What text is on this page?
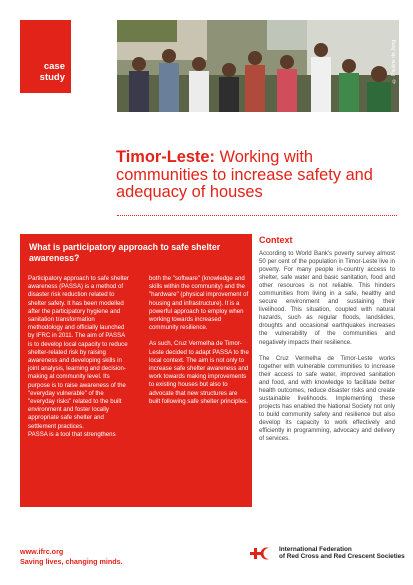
© Pauline de Jong
case
study
Timor-Leste: Working with communities to increase safety and adequacy of houses
What is participatory approach to safe shelter awareness?

Participatory approach to safe shelter awareness (PASSA) is a method of disaster risk reduction related to shelter safety. It has been modelled after the participatory hygiene and sanitation transformation methodology and officially launched by IFRC in 2011. The aim of PASSA is to develop local capacity to reduce shelter-related risk by raising awareness and developing skills in joint analysis, learning and decision-making at community level. Its purpose is to raise awareness of the "everyday vulnerable" of the "everyday risks" related to the built environment and foster locally appropriate safe shelter and settlement practices.

PASSA is a tool that strengthens

both the "software" (knowledge and skills within the community) and the "hardware" (physical improvement of housing and infrastructure). It is a powerful approach to employ when working towards increased community resilience.

As such, Cruz Vermelha de Timor-Leste decided to adapt PASSA to the local context. The aim is not only to increase safe shelter awareness and work towards making improvements to existing houses but also to advocate that new structures are built following safe shelter principles.

Context

According to World Bank's poverty survey almost 50 per cent of the population in Timor-Leste live in poverty. For many people in-country access to shelter, safe water and basic sanitation, food and other resources is not reliable. This hinders communities from living in a safe, healthy and secure environment and sustaining their livelihood. This situation, coupled with natural hazards, such as regular floods, landslides, droughts and occasional earthquakes increases the vulnerability of the communities and negatively impacts their resilience.

The Cruz Vermelha de Timor-Leste works together with vulnerable communities to increase their access to safe water, improved sanitation and food, and with knowledge to facilitate better health outcomes, reduce disaster risks and create sustainable livelihoods. Implementing these projects has enabled the National Society not only to build community safety and resilience but also develop its capacity to work effectively and efficiently in programming, advocacy and delivery of services.

www.ifrc.org
Saving lives, changing minds.
International Federation
of Red Cross and Red Crescent Societies
